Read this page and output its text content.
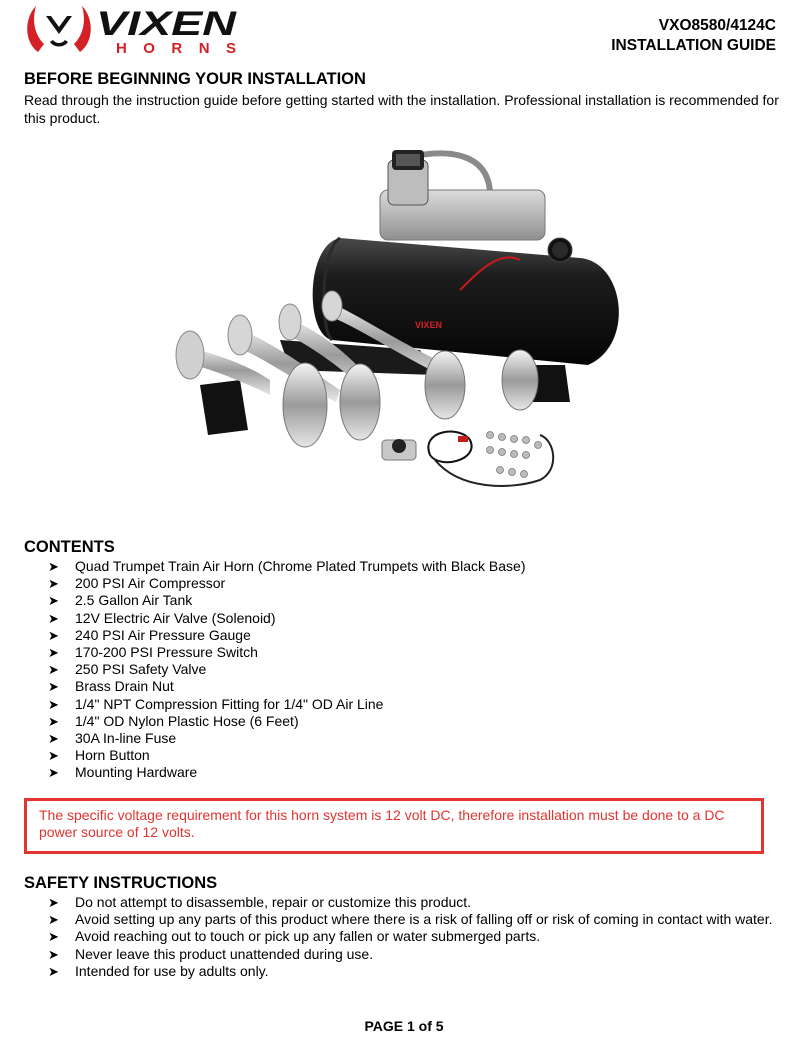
VIXEN
HORNS
VXO8580/4124C
INSTALLATION GUIDE
BEFORE BEGINNING YOUR INSTALLATION

Read through the instruction guide before getting started with the installation. Professional installation is recommended for this product.

VIXEN
CONTENTS
➤ Quad Trumpet Train Air Horn (Chrome Plated Trumpets with Black Base)
➤ 200 PSI Air Compressor
➤ 2.5 Gallon Air Tank
➤ 12V Electric Air Valve (Solenoid)
➤ 240 PSI Air Pressure Gauge
➤ 170-200 PSI Pressure Switch
➤ 250 PSI Safety Valve
➤ Brass Drain Nut
➤ 1/4" NPT Compression Fitting for 1/4" OD Air Line
➤ 1/4" OD Nylon Plastic Hose (6 Feet)
➤ 30A In-line Fuse
➤ Horn Button
➤ Mounting Hardware
The specific voltage requirement for this horn system is 12 volt DC, therefore installation must be done to a DC power source of 12 volts.
SAFETY INSTRUCTIONS
➤ Do not attempt to disassemble, repair or customize this product.
➤ Avoid setting up any parts of this product where there is a risk of falling off or risk of coming in contact with water.
➤ Avoid reaching out to touch or pick up any fallen or water submerged parts.
➤ Never leave this product unattended during use.
➤ Intended for use by adults only.
PAGE 1 of 5
